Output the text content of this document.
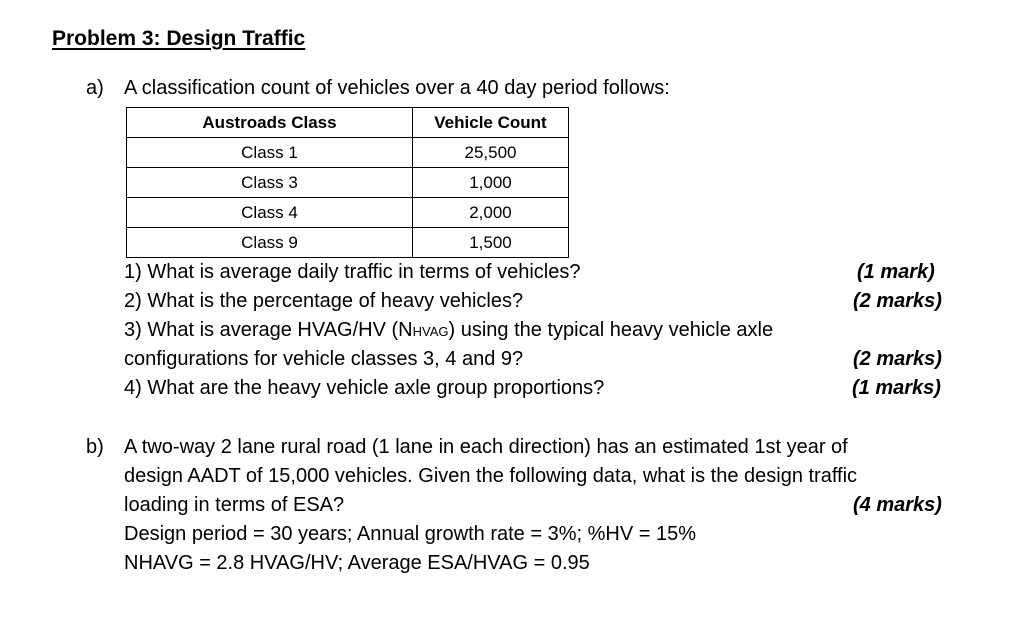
Problem 3: Design Traffic
a) A classification count of vehicles over a 40 day period follows:
Austroads Class	Vehicle Count
Class 1	25,500
Class 3	1,000
Class 4	2,000
Class 9	1,500
1) What is average daily traffic in terms of vehicles?	(1 mark)
2) What is the percentage of heavy vehicles?	(2 marks)
3) What is average HVAG/HV (NHVAG) using the typical heavy vehicle axle
configurations for vehicle classes 3, 4 and 9?	(2 marks)
4) What are the heavy vehicle axle group proportions?	(1 marks)
b) A two-way 2 lane rural road (1 lane in each direction) has an estimated 1st year of
design AADT of 15,000 vehicles. Given the following data, what is the design traffic
loading in terms of ESA?	(4 marks)
Design period = 30 years; Annual growth rate = 3%; %HV = 15%
NHAVG = 2.8 HVAG/HV; Average ESA/HVAG = 0.95
